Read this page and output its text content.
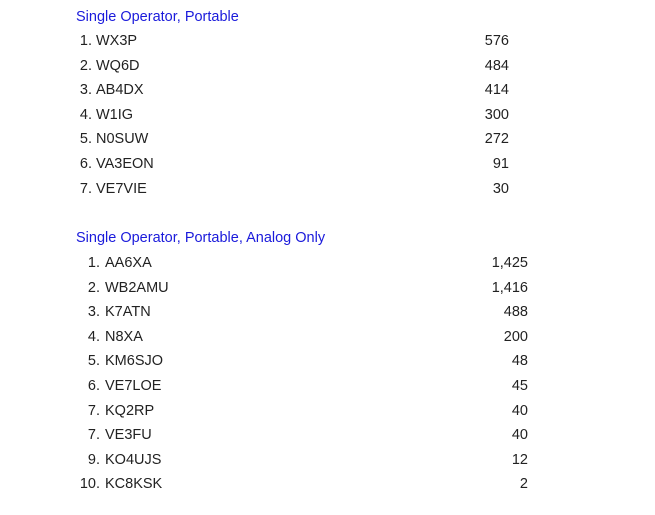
Single Operator, Portable
1. WX3P	576
2. WQ6D	484
3. AB4DX	414
4. W1IG	300
5. N0SUW	272
6. VA3EON	91
7. VE7VIE	30
Single Operator, Portable, Analog Only
1. AA6XA	1,425
2. WB2AMU	1,416
3. K7ATN	488
4. N8XA	200
5. KM6SJO	48
6. VE7LOE	45
7. KQ2RP	40
7. VE3FU	40
9. KO4UJS	12
10. KC8KSK	2
